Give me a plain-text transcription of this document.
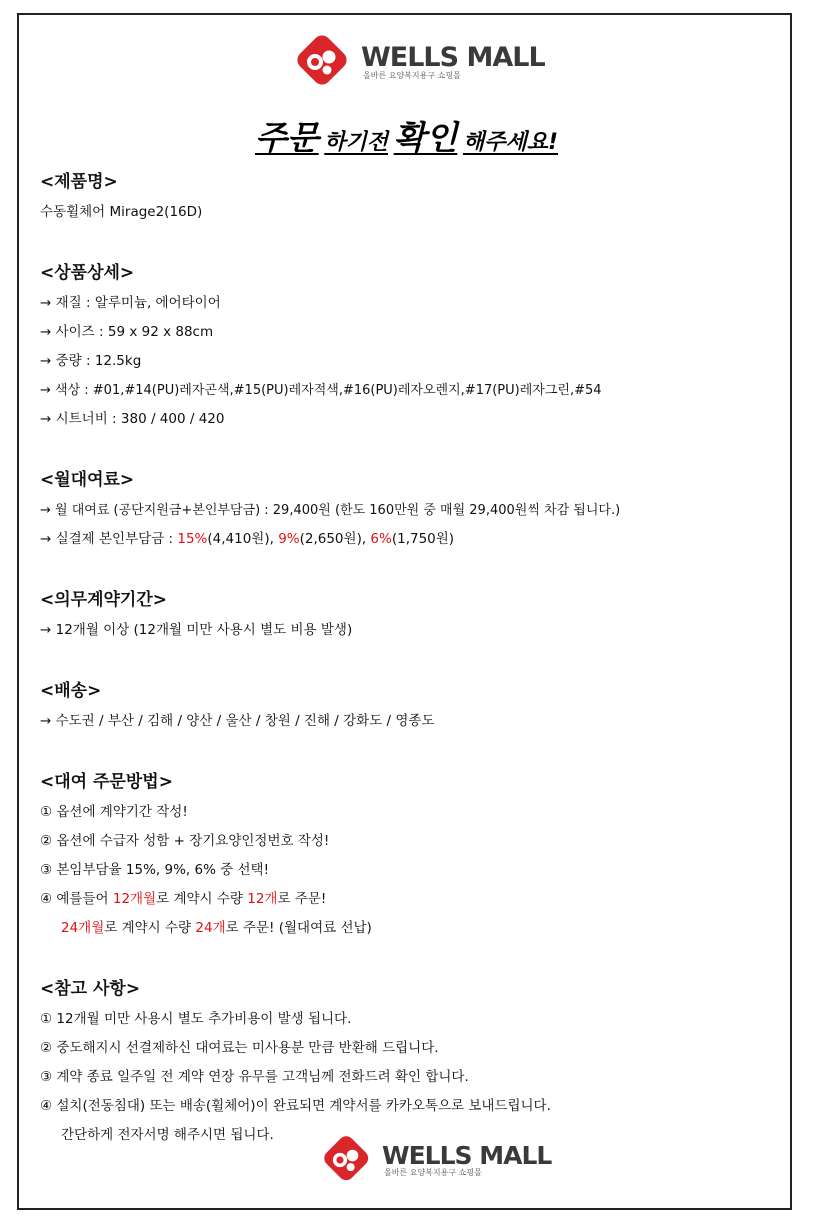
WELLS MALL
올바른 요양복지용구 쇼핑몰
주문 하기전 확인 해주세요!
<제품명>
수동휠체어 Mirage2(16D)
<상품상세>
→ 재질 : 알루미늄, 에어타이어
→ 사이즈 : 59 x 92 x 88cm
→ 중량 : 12.5kg
→ 색상 : #01,#14(PU)레자곤색,#15(PU)레자적색,#16(PU)레자오렌지,#17(PU)레자그린,#54
→ 시트너비 : 380 / 400 / 420
<월대여료>
→ 월 대여료 (공단지원금+본인부담금) : 29,400원 (한도 160만원 중 매월 29,400원씩 차감 됩니다.)
→ 실결제 본인부담금 : 15%(4,410원), 9%(2,650원), 6%(1,750원)
<의무계약기간>
→ 12개월 이상 (12개월 미만 사용시 별도 비용 발생)
<배송>
→ 수도권 / 부산 / 김해 / 양산 / 울산 / 창원 / 진해 / 강화도 / 영종도
<대여 주문방법>
① 옵션에 계약기간 작성!
② 옵션에 수급자 성함 + 장기요양인정번호 작성!
③ 본임부담율 15%, 9%, 6% 중 선택!
④ 예를들어 12개월로 계약시 수량 12개로 주문!
24개월로 계약시 수량 24개로 주문! (월대여료 선납)
<참고 사항>
① 12개월 미만 사용시 별도 추가비용이 발생 됩니다.
② 중도해지시 선결제하신 대여료는 미사용분 만큼 반환해 드립니다.
③ 계약 종료 일주일 전 계약 연장 유무를 고객님께 전화드려 확인 합니다.
④ 설치(전동침대) 또는 배송(휠체어)이 완료되면 계약서를 카카오톡으로 보내드립니다.
간단하게 전자서명 해주시면 됩니다.
WELLS MALL
올바른 요양복지용구 쇼핑몰
